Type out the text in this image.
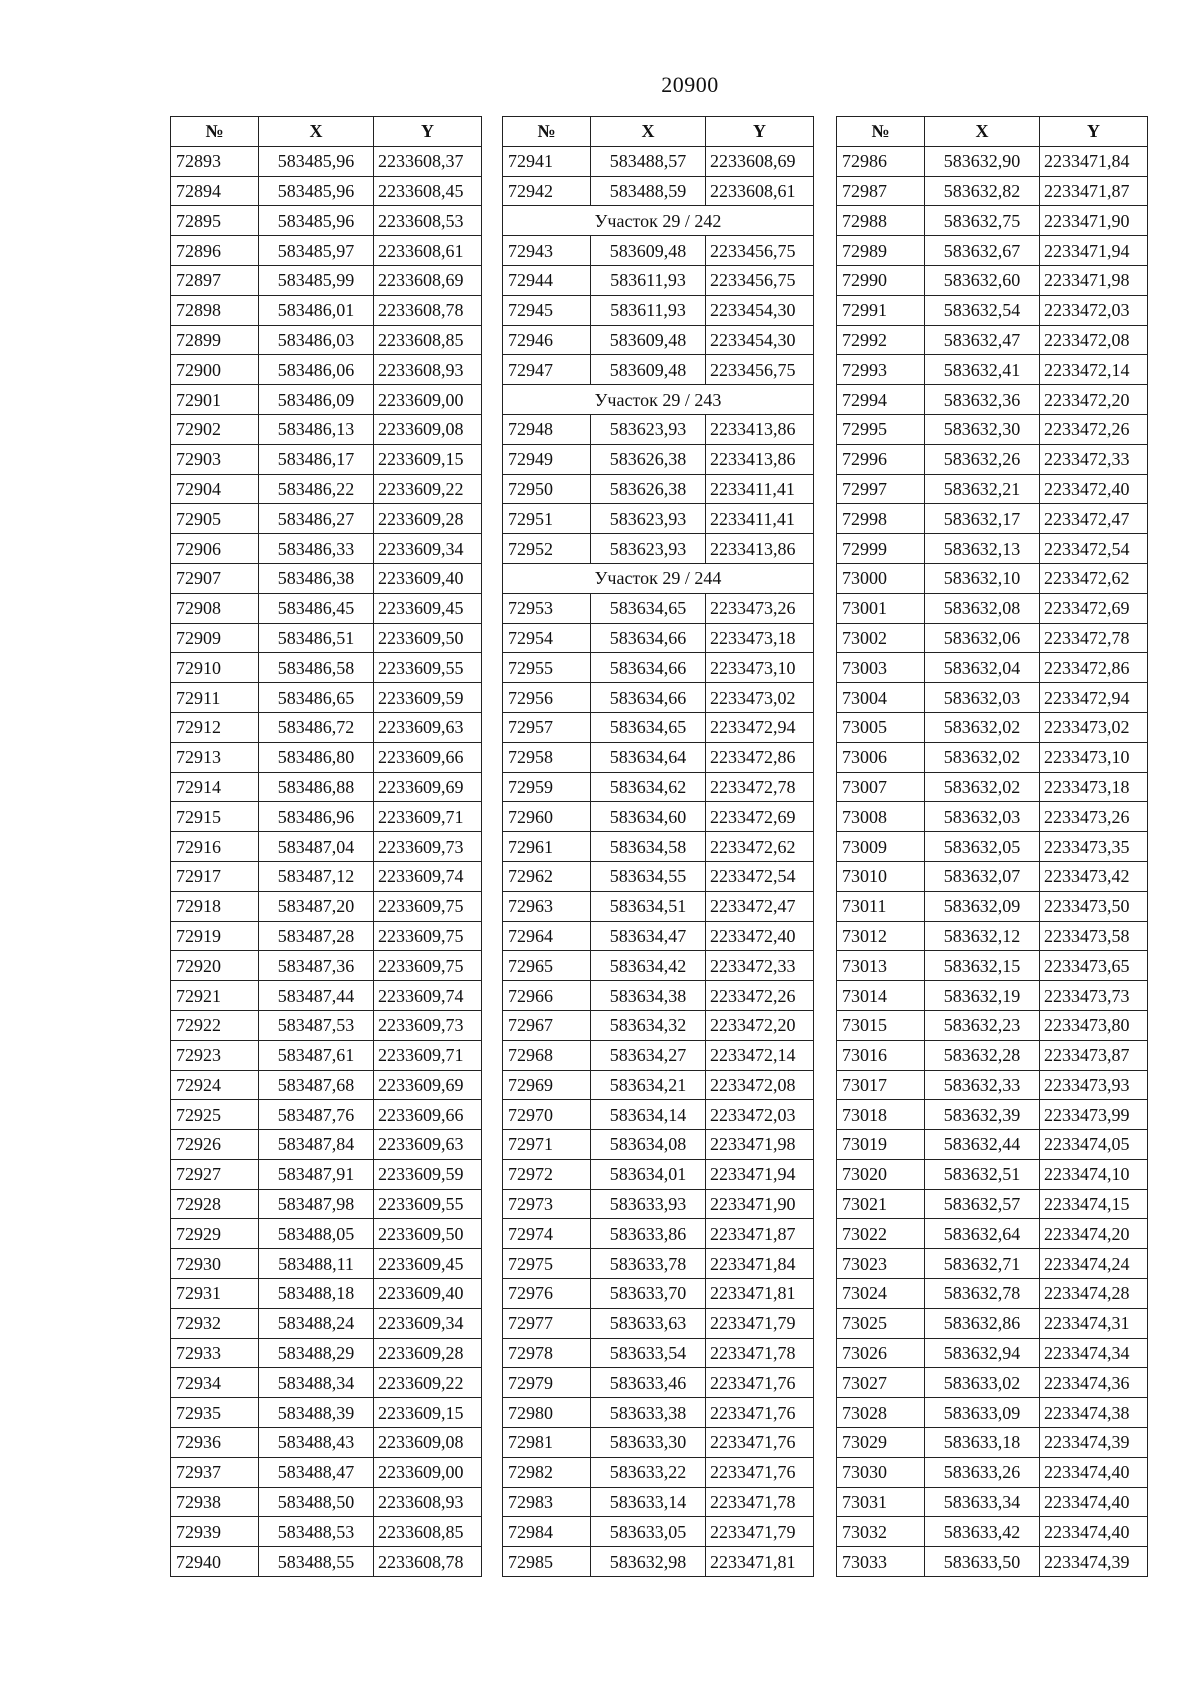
20900
№	X	Y
72893	583485,96	2233608,37
72894	583485,96	2233608,45
72895	583485,96	2233608,53
72896	583485,97	2233608,61
72897	583485,99	2233608,69
72898	583486,01	2233608,78
72899	583486,03	2233608,85
72900	583486,06	2233608,93
72901	583486,09	2233609,00
72902	583486,13	2233609,08
72903	583486,17	2233609,15
72904	583486,22	2233609,22
72905	583486,27	2233609,28
72906	583486,33	2233609,34
72907	583486,38	2233609,40
72908	583486,45	2233609,45
72909	583486,51	2233609,50
72910	583486,58	2233609,55
72911	583486,65	2233609,59
72912	583486,72	2233609,63
72913	583486,80	2233609,66
72914	583486,88	2233609,69
72915	583486,96	2233609,71
72916	583487,04	2233609,73
72917	583487,12	2233609,74
72918	583487,20	2233609,75
72919	583487,28	2233609,75
72920	583487,36	2233609,75
72921	583487,44	2233609,74
72922	583487,53	2233609,73
72923	583487,61	2233609,71
72924	583487,68	2233609,69
72925	583487,76	2233609,66
72926	583487,84	2233609,63
72927	583487,91	2233609,59
72928	583487,98	2233609,55
72929	583488,05	2233609,50
72930	583488,11	2233609,45
72931	583488,18	2233609,40
72932	583488,24	2233609,34
72933	583488,29	2233609,28
72934	583488,34	2233609,22
72935	583488,39	2233609,15
72936	583488,43	2233609,08
72937	583488,47	2233609,00
72938	583488,50	2233608,93
72939	583488,53	2233608,85
72940	583488,55	2233608,78
№	X	Y
72941	583488,57	2233608,69
72942	583488,59	2233608,61
Участок 29 / 242		
72943	583609,48	2233456,75
72944	583611,93	2233456,75
72945	583611,93	2233454,30
72946	583609,48	2233454,30
72947	583609,48	2233456,75
Участок 29 / 243		
72948	583623,93	2233413,86
72949	583626,38	2233413,86
72950	583626,38	2233411,41
72951	583623,93	2233411,41
72952	583623,93	2233413,86
Участок 29 / 244		
72953	583634,65	2233473,26
72954	583634,66	2233473,18
72955	583634,66	2233473,10
72956	583634,66	2233473,02
72957	583634,65	2233472,94
72958	583634,64	2233472,86
72959	583634,62	2233472,78
72960	583634,60	2233472,69
72961	583634,58	2233472,62
72962	583634,55	2233472,54
72963	583634,51	2233472,47
72964	583634,47	2233472,40
72965	583634,42	2233472,33
72966	583634,38	2233472,26
72967	583634,32	2233472,20
72968	583634,27	2233472,14
72969	583634,21	2233472,08
72970	583634,14	2233472,03
72971	583634,08	2233471,98
72972	583634,01	2233471,94
72973	583633,93	2233471,90
72974	583633,86	2233471,87
72975	583633,78	2233471,84
72976	583633,70	2233471,81
72977	583633,63	2233471,79
72978	583633,54	2233471,78
72979	583633,46	2233471,76
72980	583633,38	2233471,76
72981	583633,30	2233471,76
72982	583633,22	2233471,76
72983	583633,14	2233471,78
72984	583633,05	2233471,79
72985	583632,98	2233471,81
№	X	Y
72986	583632,90	2233471,84
72987	583632,82	2233471,87
72988	583632,75	2233471,90
72989	583632,67	2233471,94
72990	583632,60	2233471,98
72991	583632,54	2233472,03
72992	583632,47	2233472,08
72993	583632,41	2233472,14
72994	583632,36	2233472,20
72995	583632,30	2233472,26
72996	583632,26	2233472,33
72997	583632,21	2233472,40
72998	583632,17	2233472,47
72999	583632,13	2233472,54
73000	583632,10	2233472,62
73001	583632,08	2233472,69
73002	583632,06	2233472,78
73003	583632,04	2233472,86
73004	583632,03	2233472,94
73005	583632,02	2233473,02
73006	583632,02	2233473,10
73007	583632,02	2233473,18
73008	583632,03	2233473,26
73009	583632,05	2233473,35
73010	583632,07	2233473,42
73011	583632,09	2233473,50
73012	583632,12	2233473,58
73013	583632,15	2233473,65
73014	583632,19	2233473,73
73015	583632,23	2233473,80
73016	583632,28	2233473,87
73017	583632,33	2233473,93
73018	583632,39	2233473,99
73019	583632,44	2233474,05
73020	583632,51	2233474,10
73021	583632,57	2233474,15
73022	583632,64	2233474,20
73023	583632,71	2233474,24
73024	583632,78	2233474,28
73025	583632,86	2233474,31
73026	583632,94	2233474,34
73027	583633,02	2233474,36
73028	583633,09	2233474,38
73029	583633,18	2233474,39
73030	583633,26	2233474,40
73031	583633,34	2233474,40
73032	583633,42	2233474,40
73033	583633,50	2233474,39
